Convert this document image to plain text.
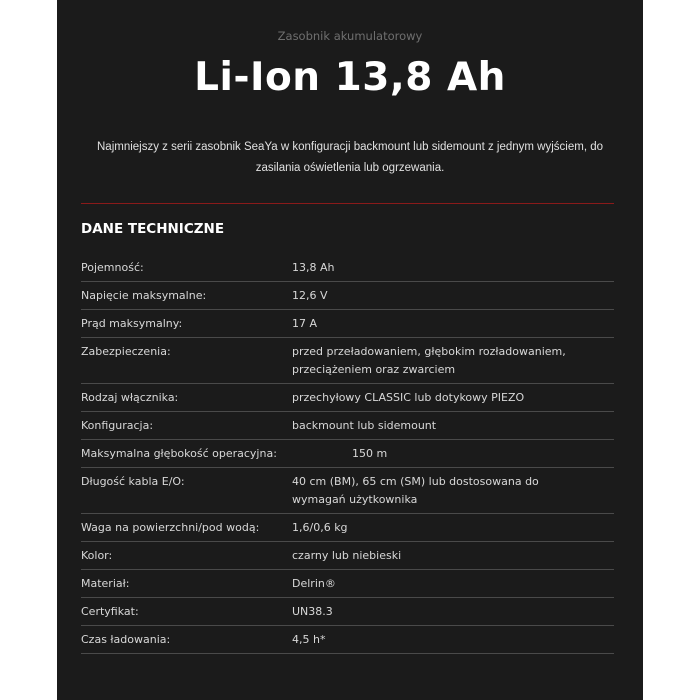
Zasobnik akumulatorowy
Li-Ion 13,8 Ah
Najmniejszy z serii zasobnik SeaYa w konfiguracji backmount lub sidemount z jednym wyjściem, do zasilania oświetlenia lub ogrzewania.
DANE TECHNICZNE
Pojemność:	13,8 Ah
Napięcie maksymalne:	12,6 V
Prąd maksymalny:	17 A
Zabezpieczenia:	przed przeładowaniem, głębokim rozładowaniem, przeciążeniem oraz zwarciem
Rodzaj włącznika:	przechyłowy CLASSIC lub dotykowy PIEZO
Konfiguracja:	backmount lub sidemount
Maksymalna głębokość operacyjna:	150 m
Długość kabla E/O:	40 cm (BM), 65 cm (SM) lub dostosowana do wymagań użytkownika
Waga na powierzchni/pod wodą:	1,6/0,6 kg
Kolor:	czarny lub niebieski
Materiał:	Delrin®
Certyfikat:	UN38.3
Czas ładowania:	4,5 h*
